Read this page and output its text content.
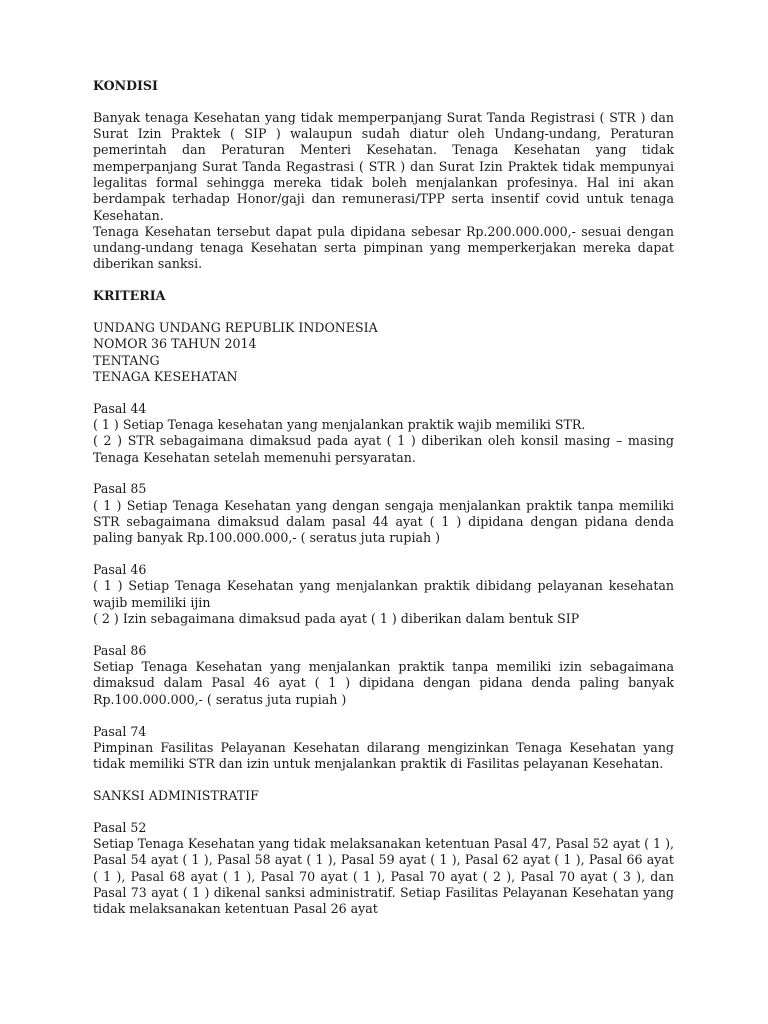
KONDISI

Banyak tenaga Kesehatan yang tidak memperpanjang Surat Tanda Registrasi ( STR ) dan Surat Izin Praktek ( SIP ) walaupun sudah diatur oleh Undang-undang, Peraturan pemerintah dan Peraturan Menteri Kesehatan. Tenaga Kesehatan yang tidak memperpanjang Surat Tanda Regastrasi ( STR ) dan Surat Izin Praktek tidak mempunyai legalitas formal sehingga mereka tidak boleh menjalankan profesinya. Hal ini akan berdampak terhadap Honor/gaji dan remunerasi/TPP serta insentif covid untuk tenaga Kesehatan.

Tenaga Kesehatan tersebut dapat pula dipidana sebesar Rp.200.000.000,- sesuai dengan undang-undang tenaga Kesehatan serta pimpinan yang memperkerjakan mereka dapat diberikan sanksi.

KRITERIA

UNDANG UNDANG REPUBLIK INDONESIA

NOMOR 36 TAHUN 2014

TENTANG

TENAGA KESEHATAN

Pasal 44

( 1 ) Setiap Tenaga kesehatan yang menjalankan praktik wajib memiliki STR.

( 2 ) STR sebagaimana dimaksud pada ayat ( 1 ) diberikan oleh konsil masing – masing Tenaga Kesehatan setelah memenuhi persyaratan.

Pasal 85

( 1 ) Setiap Tenaga Kesehatan yang dengan sengaja menjalankan praktik tanpa memiliki STR sebagaimana dimaksud dalam pasal 44 ayat ( 1 ) dipidana dengan pidana denda paling banyak Rp.100.000.000,- ( seratus juta rupiah )

Pasal 46

( 1 ) Setiap Tenaga Kesehatan yang menjalankan praktik dibidang pelayanan kesehatan wajib memiliki ijin

( 2 ) Izin sebagaimana dimaksud pada ayat ( 1 ) diberikan dalam bentuk SIP

Pasal 86

Setiap Tenaga Kesehatan yang menjalankan praktik tanpa memiliki izin sebagaimana dimaksud dalam Pasal 46 ayat ( 1 ) dipidana dengan pidana denda paling banyak Rp.100.000.000,- ( seratus juta rupiah )

Pasal 74

Pimpinan Fasilitas Pelayanan Kesehatan dilarang mengizinkan Tenaga Kesehatan yang tidak memiliki STR dan izin untuk menjalankan praktik di Fasilitas pelayanan Kesehatan.

SANKSI ADMINISTRATIF

Pasal 52

Setiap Tenaga Kesehatan yang tidak melaksanakan ketentuan Pasal 47, Pasal 52 ayat ( 1 ), Pasal 54 ayat ( 1 ), Pasal 58 ayat ( 1 ), Pasal 59 ayat ( 1 ), Pasal 62 ayat ( 1 ), Pasal 66 ayat ( 1 ), Pasal 68 ayat ( 1 ), Pasal 70 ayat ( 1 ), Pasal 70 ayat ( 2 ), Pasal 70 ayat ( 3 ), dan Pasal 73 ayat ( 1 ) dikenal sanksi administratif. Setiap Fasilitas Pelayanan Kesehatan yang tidak melaksanakan ketentuan Pasal 26 ayat
